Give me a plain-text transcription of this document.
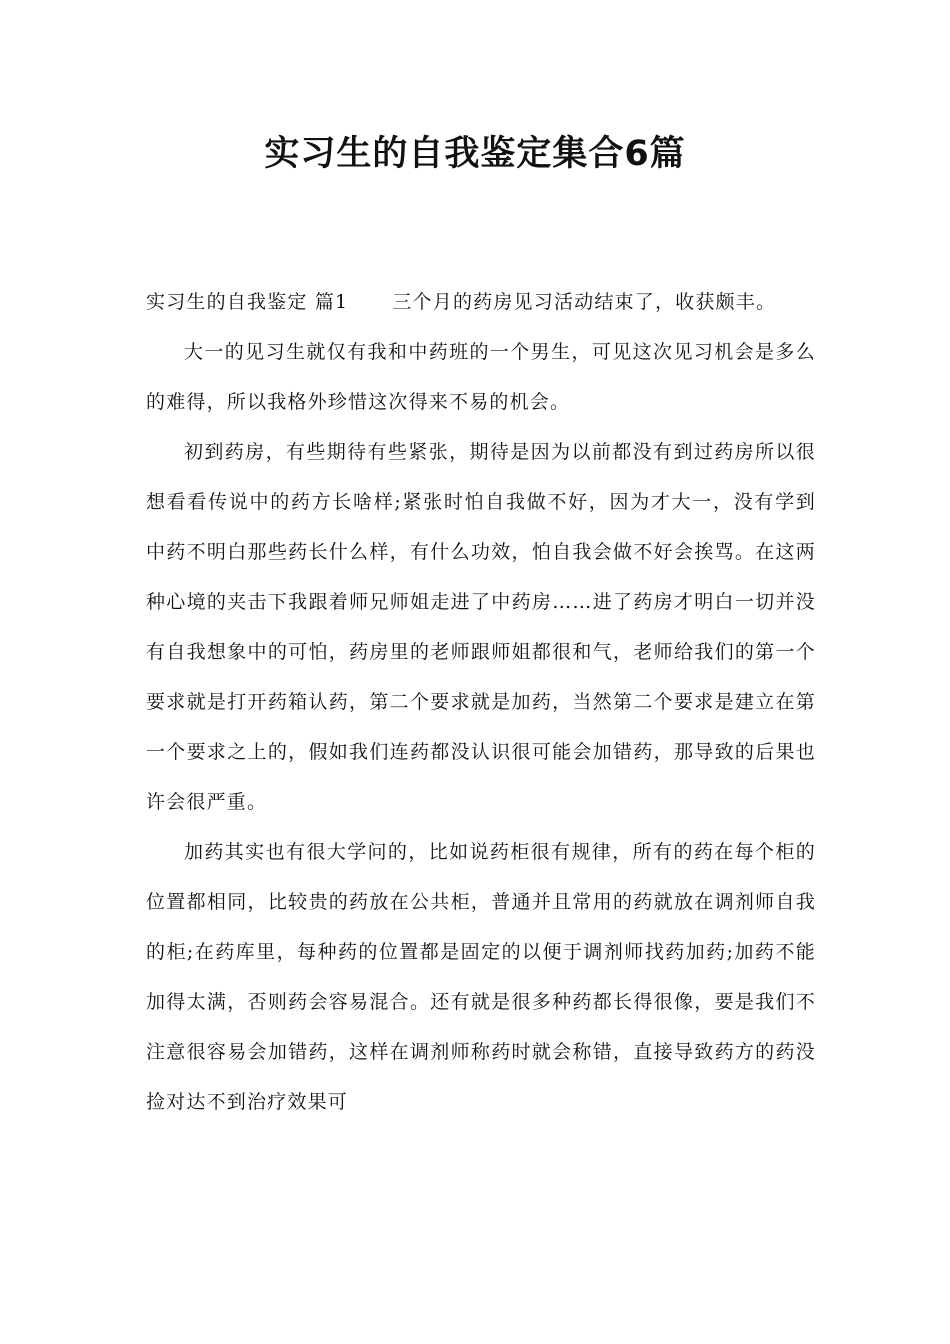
实习生的自我鉴定集合6篇

实习生的自我鉴定 篇1 三个月的药房见习活动结束了，收获颇丰。

大一的见习生就仅有我和中药班的一个男生，可见这次见习机会是多么的难得，所以我格外珍惜这次得来不易的机会。

初到药房，有些期待有些紧张，期待是因为以前都没有到过药房所以很想看看传说中的药方长啥样;紧张时怕自我做不好，因为才大一，没有学到中药不明白那些药长什么样，有什么功效，怕自我会做不好会挨骂。在这两种心境的夹击下我跟着师兄师姐走进了中药房……进了药房才明白一切并没有自我想象中的可怕，药房里的老师跟师姐都很和气，老师给我们的第一个要求就是打开药箱认药，第二个要求就是加药，当然第二个要求是建立在第一个要求之上的，假如我们连药都没认识很可能会加错药，那导致的后果也许会很严重。

加药其实也有很大学问的，比如说药柜很有规律，所有的药在每个柜的位置都相同，比较贵的药放在公共柜，普通并且常用的药就放在调剂师自我的柜;在药库里，每种药的位置都是固定的以便于调剂师找药加药;加药不能加得太满，否则药会容易混合。还有就是很多种药都长得很像，要是我们不注意很容易会加错药，这样在调剂师称药时就会称错，直接导致药方的药没捡对达不到治疗效果可
